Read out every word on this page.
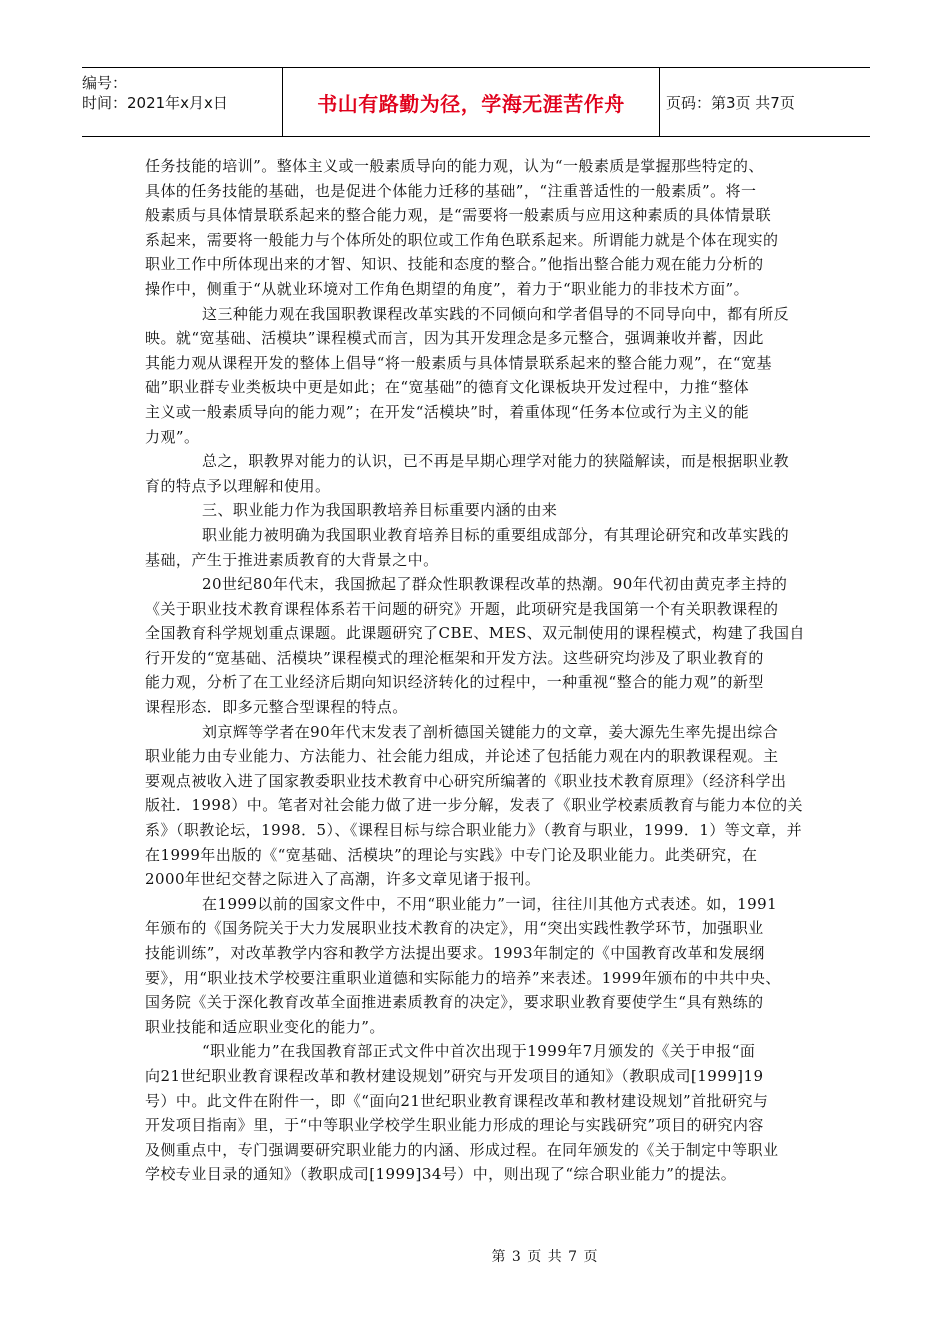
编号：
时间：2021年x月x日	书山有路勤为径，学海无涯苦作舟	页码：第3页 共7页
任务技能的培训”。整体主义或一般素质导向的能力观，认为“一般素质是掌握那些特定的、
具体的任务技能的基础，也是促进个体能力迁移的基础”，“注重普适性的一般素质”。将一
般素质与具体情景联系起来的整合能力观，是“需要将一般素质与应用这种素质的具体情景联
系起来，需要将一般能力与个体所处的职位或工作角色联系起来。所谓能力就是个体在现实的
职业工作中所体现出来的才智、知识、技能和态度的整合。”他指出整合能力观在能力分析的
操作中，侧重于“从就业环境对工作角色期望的角度”，着力于“职业能力的非技术方面”。
这三种能力观在我国职教课程改革实践的不同倾向和学者倡导的不同导向中，都有所反
映。就“宽基础、活模块”课程模式而言，因为其开发理念是多元整合，强调兼收并蓄，因此
其能力观从课程开发的整体上倡导“将一般素质与具体情景联系起来的整合能力观”，在“宽基
础”职业群专业类板块中更是如此；在“宽基础”的德育文化课板块开发过程中，力推“整体
主义或一般素质导向的能力观”；在开发“活模块”时，着重体现“任务本位或行为主义的能
力观”。
总之，职教界对能力的认识，已不再是早期心理学对能力的狭隘解读，而是根据职业教
育的特点予以理解和使用。
三、职业能力作为我国职教培养目标重要内涵的由来
职业能力被明确为我国职业教育培养目标的重要组成部分，有其理论研究和改革实践的
基础，产生于推进素质教育的大背景之中。
20世纪80年代末，我国掀起了群众性职教课程改革的热潮。90年代初由黄克孝主持的
《关于职业技术教育课程体系若干问题的研究》开题，此项研究是我国第一个有关职教课程的
全国教育科学规划重点课题。此课题研究了CBE、MES、双元制使用的课程模式，构建了我国自
行开发的“宽基础、活模块”课程模式的理沦框架和开发方法。这些研究均涉及了职业教育的
能力观，分析了在工业经济后期向知识经济转化的过程中，一种重视“整合的能力观”的新型
课程形态．即多元整合型课程的特点。
刘京辉等学者在90年代末发表了剖析德国关键能力的文章，姜大源先生率先提出综合
职业能力由专业能力、方法能力、社会能力组成，并论述了包括能力观在内的职教课程观。主
要观点被收入进了国家教委职业技术教育中心研究所编著的《职业技术教育原理》（经济科学出
版社．1998）中。笔者对社会能力做了进一步分解，发表了《职业学校素质教育与能力本位的关
系》（职教论坛，1998．5）、《课程目标与综合职业能力》（教育与职业，1999．1）等文章，并
在1999年出版的《“宽基础、活模块”的理论与实践》中专门论及职业能力。此类研究，在
2000年世纪交替之际进入了高潮，许多文章见诸于报刊。
在1999以前的国家文件中，不用“职业能力”一词，往往川其他方式表述。如，1991
年颁布的《国务院关于大力发展职业技术教育的决定》，用“突出实践性教学环节，加强职业
技能训练”，对改革教学内容和教学方法提出要求。1993年制定的《中国教育改革和发展纲
要》，用“职业技术学校要注重职业道德和实际能力的培养”来表述。1999年颁布的中共中央、
国务院《关于深化教育改革全面推进素质教育的决定》，要求职业教育要使学生“具有熟练的
职业技能和适应职业变化的能力”。
“职业能力”在我国教育部正式文件中首次出现于1999年7月颁发的《关于申报“面
向21世纪职业教育课程改革和教材建设规划”研究与开发项目的通知》（教职成司[1999]19
号）中。此文件在附件一，即《“面向21世纪职业教育课程改革和教材建设规划”首批研究与
开发项目指南》里，于“中等职业学校学生职业能力形成的理论与实践研究”项目的研究内容
及侧重点中，专门强调要研究职业能力的内涵、形成过程。在同年颁发的《关于制定中等职业
学校专业目录的通知》（教职成司[1999]34号）中，则出现了“综合职业能力”的提法。
第 3 页 共 7 页
